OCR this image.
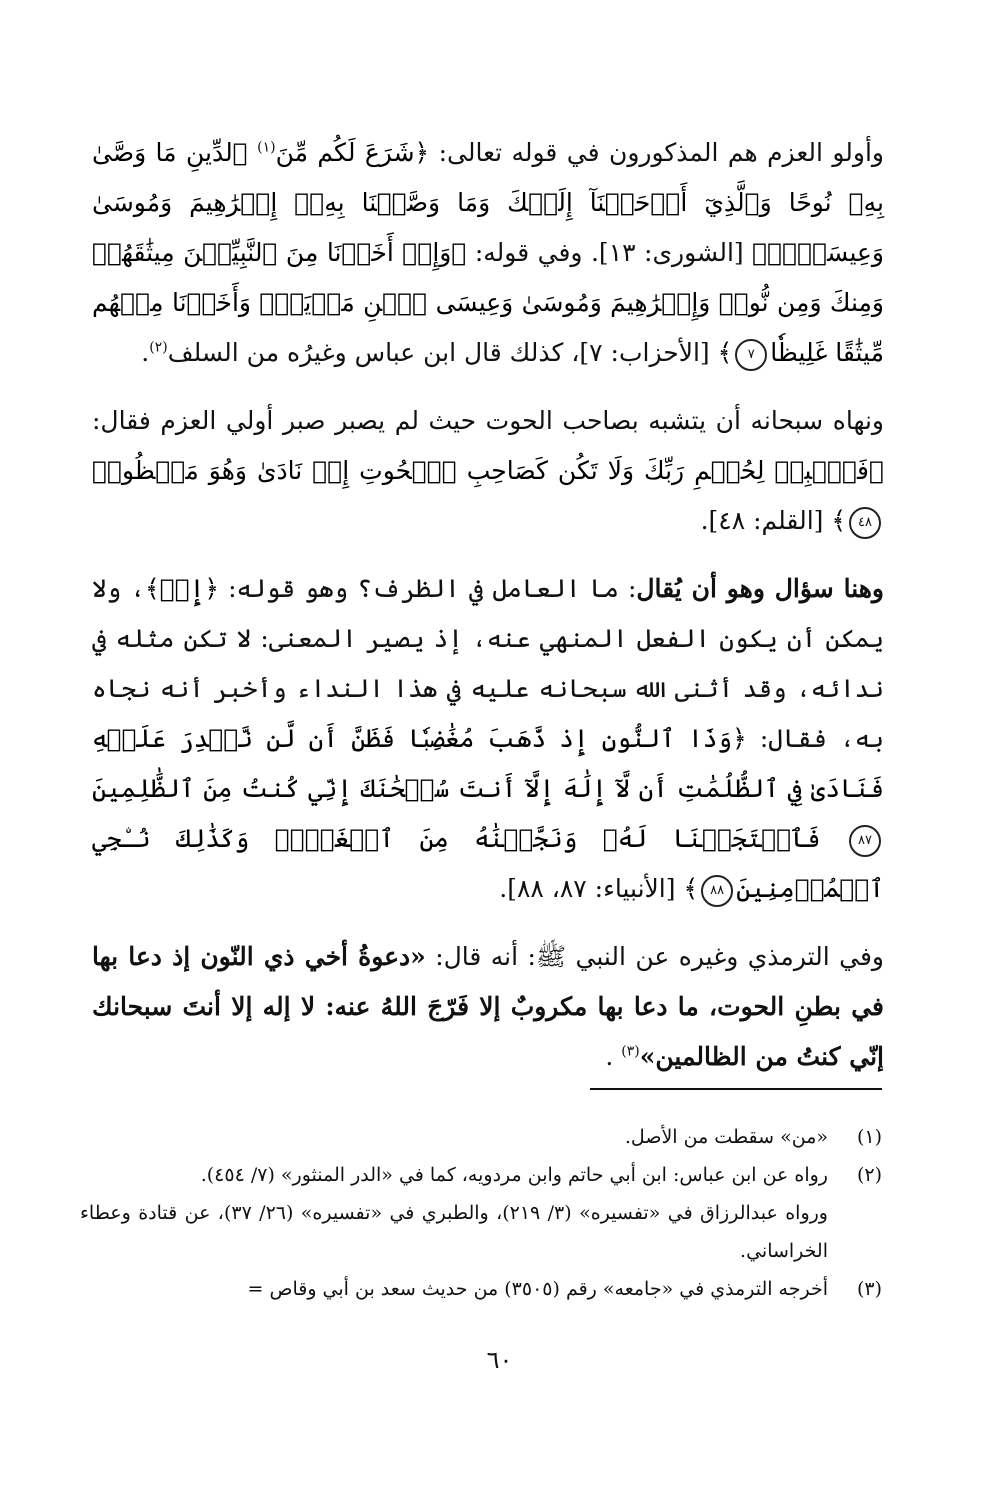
وأولو العزم هم المذكورون في قوله تعالى: ﴿شَرَعَ لَكُم مِّنَ$^{(١)}$ ٱلدِّينِ مَا وَصَّىٰ بِهِۦ نُوحًا وَٱلَّذِيٓ أَوۡحَيۡنَآ إِلَيۡكَ وَمَا وَصَّيۡنَا بِهِۦٓ إِبۡرَٰهِيمَ وَمُوسَىٰ وَعِيسَىٰٓۖ﴾ [الشورى: ١٣]. وفي قوله: ﴿وَإِذۡ أَخَذۡنَا مِنَ ٱلنَّبِيِّـۧنَ مِيثَٰقَهُمۡ وَمِنكَ وَمِن نُّوحٖ وَإِبۡرَٰهِيمَ وَمُوسَىٰ وَعِيسَى ٱبۡنِ مَرۡيَمَۖ وَأَخَذۡنَا مِنۡهُم مِّيثَٰقًا غَلِيظٗا٧﴾ [الأحزاب: ٧]، كذلك قال ابن عباس وغيرُه من السلف$^{(٢)}$.

ونهاه سبحانه أن يتشبه بصاحب الحوت حيث لم يصبر صبر أولي العزم فقال: ﴿فَٱصۡبِرۡ لِحُكۡمِ رَبِّكَ وَلَا تَكُن كَصَاحِبِ ٱلۡحُوتِ إِذۡ نَادَىٰ وَهُوَ مَكۡظُومٞ٤٨﴾ [القلم: ٤٨].

وهنا سؤال وهو أن يُقال: ما العامل في الظرف؟ وهو قوله: ﴿إِذۡ﴾، ولا يمكن أن يكون الفعل المنهي عنه، إذ يصير المعنى: لا تكن مثله في ندائه، وقد أثنى الله سبحانه عليه في هذا النداء وأخبر أنه نجاه به، فقال: ﴿وَذَا ٱلنُّونِ إِذ ذَّهَبَ مُغَٰضِبٗا فَظَنَّ أَن لَّن نَّقۡدِرَ عَلَيۡهِ فَنَادَىٰ فِي ٱلظُّلُمَٰتِ أَن لَّآ إِلَٰهَ إِلَّآ أَنتَ سُبۡحَٰنَكَ إِنِّي كُنتُ مِنَ ٱلظَّٰلِمِينَ٨٧ فَٱسۡتَجَبۡنَا لَهُۥ وَنَجَّيۡنَٰهُ مِنَ ٱلۡغَمِّۚ وَكَذَٰلِكَ نُـۨجِي ٱلۡمُؤۡمِنِينَ٨٨﴾ [الأنبياء: ٨٧، ٨٨].

وفي الترمذي وغيره عن النبي ﷺ: أنه قال: «دعوةُ أخي ذي النّون إذ دعا بها في بطنِ الحوت، ما دعا بها مكروبٌ إلا فَرّجَ اللهُ عنه: لا إله إلا أنتَ سبحانك إنّي كنتُ من الظالمين»$^{(٣)}$ .

(١)
«من» سقطت من الأصل.
(٢)
رواه عن ابن عباس: ابن أبي حاتم وابن مردويه، كما في «الدر المنثور» (٧/ ٤٥٤).
ورواه عبدالرزاق في «تفسيره» (٣/ ٢١٩)، والطبري في «تفسيره» (٢٦/ ٣٧)، عن قتادة وعطاء الخراساني.
(٣)
أخرجه الترمذي في «جامعه» رقم (٣٥٠٥) من حديث سعد بن أبي وقاص =
٦٠
